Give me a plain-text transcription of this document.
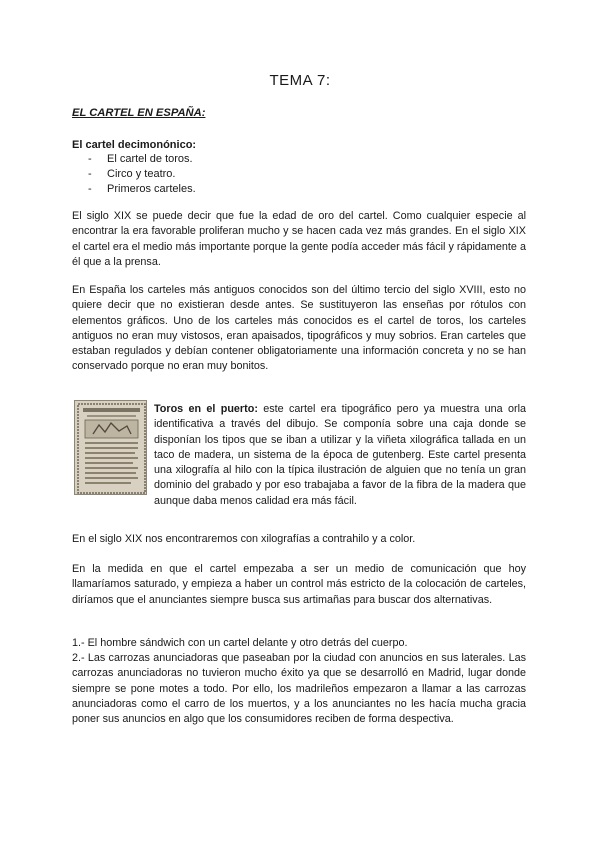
TEMA 7:
EL CARTEL EN ESPAÑA:
El cartel decimonónico:
- El cartel de toros.
- Circo y teatro.
- Primeros carteles.

El siglo XIX se puede decir que fue la edad de oro del cartel. Como cualquier especie al encontrar la era favorable proliferan mucho y se hacen cada vez más grandes. En el siglo XIX el cartel era el medio más importante porque la gente podía acceder más fácil y rápidamente a él que a la prensa.

En España los carteles más antiguos conocidos son del último tercio del siglo XVIII, esto no quiere decir que no existieran desde antes. Se sustituyeron las enseñas por rótulos con elementos gráficos. Uno de los carteles más conocidos es el cartel de toros, los carteles antiguos no eran muy vistosos, eran apaisados, tipográficos y muy sobrios. Eran carteles que estaban regulados y debían contener obligatoriamente una información concreta y no se han conservado porque no eran muy bonitos.

Toros en el puerto: este cartel era tipográfico pero ya muestra una orla identificativa a través del dibujo. Se componía sobre una caja donde se disponían los tipos que se iban a utilizar y la viñeta xilográfica tallada en un taco de madera, un sistema de la época de gutenberg. Este cartel presenta una xilografía al hilo con la típica ilustración de alguien que no tenía un gran dominio del grabado y por eso trabajaba a favor de la fibra de la madera que aunque daba menos calidad era más fácil.

En el siglo XIX nos encontraremos con xilografías a contrahilo y a color.

En la medida en que el cartel empezaba a ser un medio de comunicación que hoy llamaríamos saturado, y empieza a haber un control más estricto de la colocación de carteles, diríamos que el anunciantes siempre busca sus artimañas para buscar dos alternativas.

1.- El hombre sándwich con un cartel delante y otro detrás del cuerpo.

2.- Las carrozas anunciadoras que paseaban por la ciudad con anuncios en sus laterales. Las carrozas anunciadoras no tuvieron mucho éxito ya que se desarrolló en Madrid, lugar donde siempre se pone motes a todo. Por ello, los madrileños empezaron a llamar a las carrozas anunciadoras como el carro de los muertos, y a los anunciantes no les hacía mucha gracia poner sus anuncios en algo que los consumidores reciben de forma despectiva.
